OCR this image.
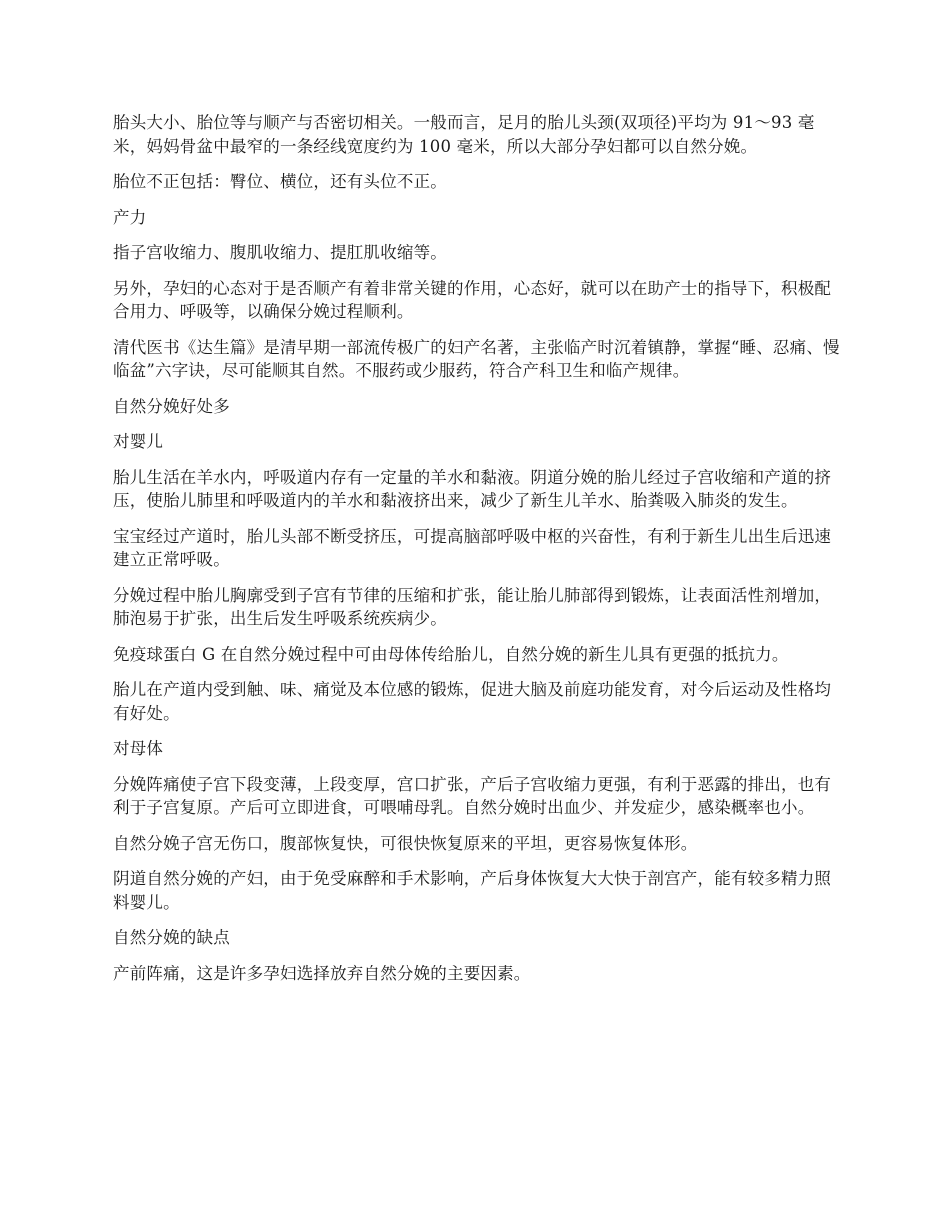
胎头大小、胎位等与顺产与否密切相关。一般而言，足月的胎儿头颈(双项径)平均为 91～93 毫米，妈妈骨盆中最窄的一条经线宽度约为 100 毫米，所以大部分孕妇都可以自然分娩。

胎位不正包括：臀位、横位，还有头位不正。

产力

指子宫收缩力、腹肌收缩力、提肛肌收缩等。

另外，孕妇的心态对于是否顺产有着非常关键的作用，心态好，就可以在助产士的指导下，积极配合用力、呼吸等，以确保分娩过程顺利。

清代医书《达生篇》是清早期一部流传极广的妇产名著，主张临产时沉着镇静，掌握“睡、忍痛、慢临盆”六字诀，尽可能顺其自然。不服药或少服药，符合产科卫生和临产规律。

自然分娩好处多

对婴儿

胎儿生活在羊水内，呼吸道内存有一定量的羊水和黏液。阴道分娩的胎儿经过子宫收缩和产道的挤压，使胎儿肺里和呼吸道内的羊水和黏液挤出来，减少了新生儿羊水、胎粪吸入肺炎的发生。

宝宝经过产道时，胎儿头部不断受挤压，可提高脑部呼吸中枢的兴奋性，有利于新生儿出生后迅速建立正常呼吸。

分娩过程中胎儿胸廓受到子宫有节律的压缩和扩张，能让胎儿肺部得到锻炼，让表面活性剂增加，肺泡易于扩张，出生后发生呼吸系统疾病少。

免疫球蛋白 G 在自然分娩过程中可由母体传给胎儿，自然分娩的新生儿具有更强的抵抗力。

胎儿在产道内受到触、味、痛觉及本位感的锻炼，促进大脑及前庭功能发育，对今后运动及性格均有好处。

对母体

分娩阵痛使子宫下段变薄，上段变厚，宫口扩张，产后子宫收缩力更强，有利于恶露的排出，也有利于子宫复原。产后可立即进食，可喂哺母乳。自然分娩时出血少、并发症少，感染概率也小。

自然分娩子宫无伤口，腹部恢复快，可很快恢复原来的平坦，更容易恢复体形。

阴道自然分娩的产妇，由于免受麻醉和手术影响，产后身体恢复大大快于剖宫产，能有较多精力照料婴儿。

自然分娩的缺点

产前阵痛，这是许多孕妇选择放弃自然分娩的主要因素。
